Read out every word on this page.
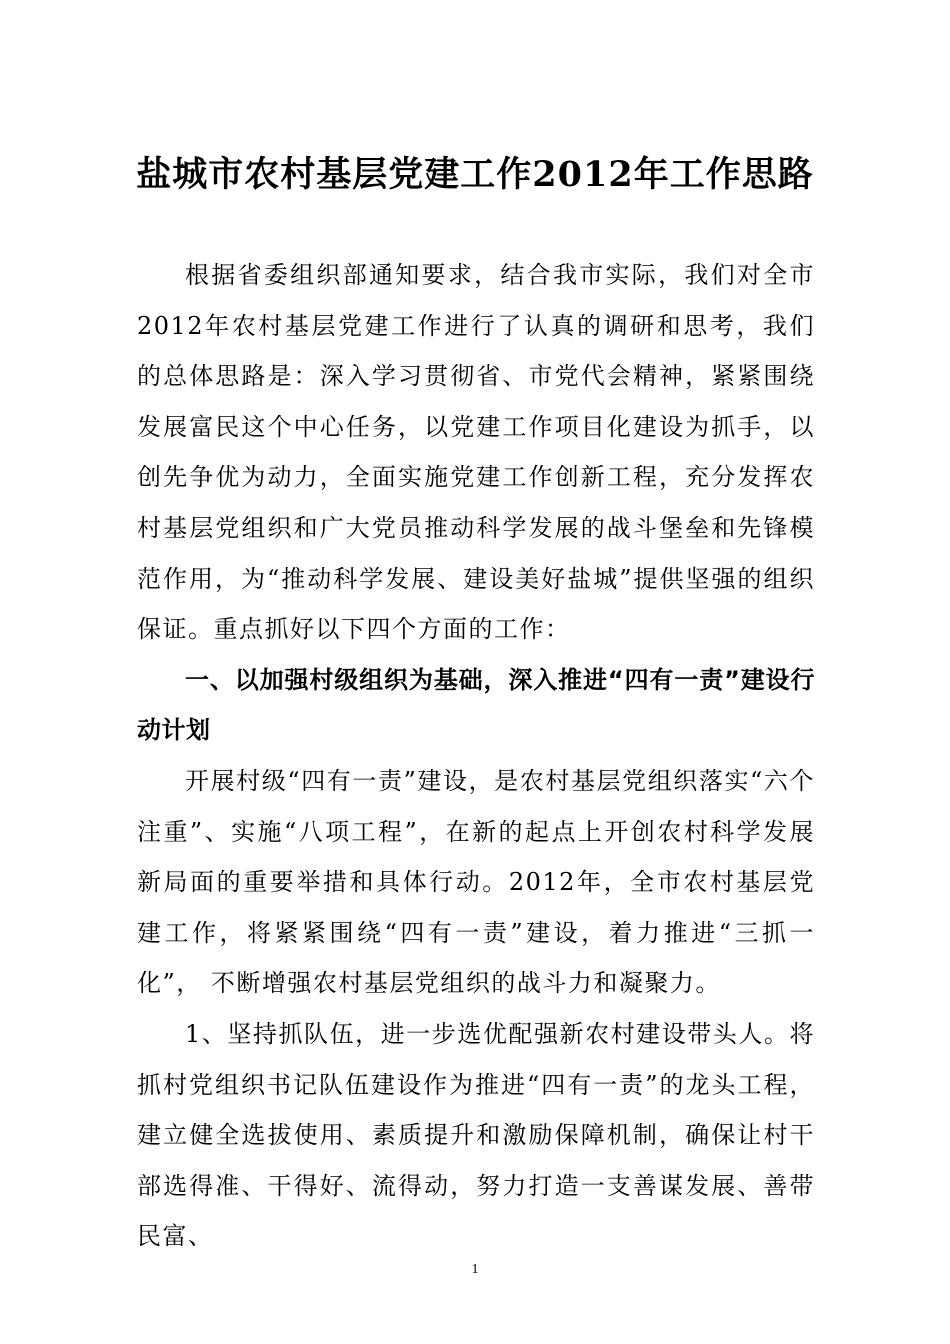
盐城市农村基层党建工作2012年工作思路

根据省委组织部通知要求，结合我市实际，我们对全市2012年农村基层党建工作进行了认真的调研和思考，我们的总体思路是：深入学习贯彻省、市党代会精神，紧紧围绕发展富民这个中心任务，以党建工作项目化建设为抓手，以创先争优为动力，全面实施党建工作创新工程，充分发挥农村基层党组织和广大党员推动科学发展的战斗堡垒和先锋模范作用，为“推动科学发展、建设美好盐城”提供坚强的组织保证。重点抓好以下四个方面的工作：

一、以加强村级组织为基础，深入推进“四有一责”建设行动计划

开展村级“四有一责”建设，是农村基层党组织落实“六个注重”、实施“八项工程”，在新的起点上开创农村科学发展新局面的重要举措和具体行动。2012年，全市农村基层党建工作，将紧紧围绕“四有一责”建设，着力推进“三抓一化”， 不断增强农村基层党组织的战斗力和凝聚力。

1、坚持抓队伍，进一步选优配强新农村建设带头人。将抓村党组织书记队伍建设作为推进“四有一责”的龙头工程，建立健全选拔使用、素质提升和激励保障机制，确保让村干部选得准、干得好、流得动，努力打造一支善谋发展、善带民富、

1
